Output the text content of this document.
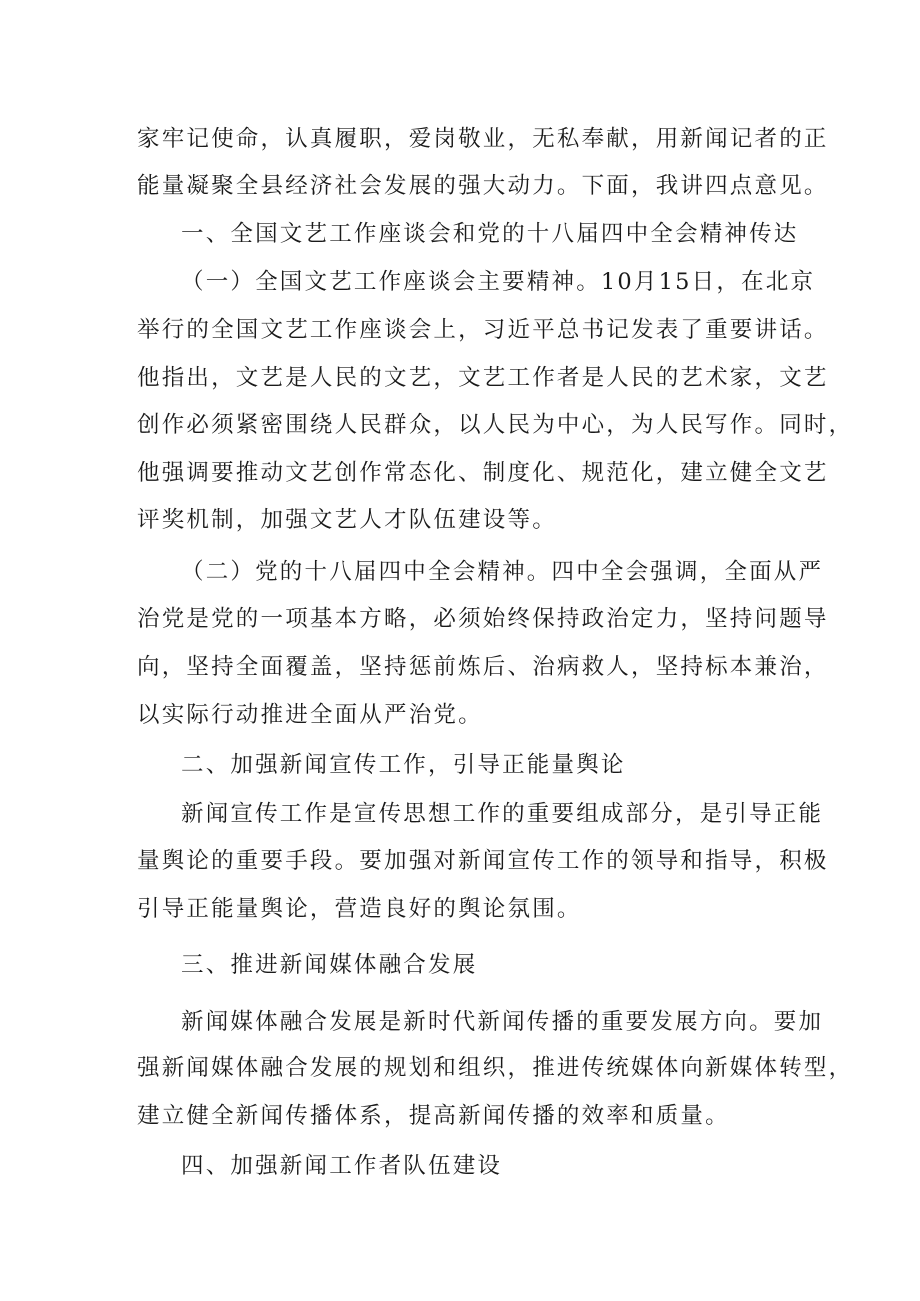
家牢记使命，认真履职，爱岗敬业，无私奉献，用新闻记者的正
能量凝聚全县经济社会发展的强大动力。下面，我讲四点意见。
一、全国文艺工作座谈会和党的十八届四中全会精神传达
（一）全国文艺工作座谈会主要精神。10月15日，在北京
举行的全国文艺工作座谈会上，习近平总书记发表了重要讲话。
他指出，文艺是人民的文艺，文艺工作者是人民的艺术家，文艺
创作必须紧密围绕人民群众，以人民为中心，为人民写作。同时，
他强调要推动文艺创作常态化、制度化、规范化，建立健全文艺
评奖机制，加强文艺人才队伍建设等。
（二）党的十八届四中全会精神。四中全会强调，全面从严
治党是党的一项基本方略，必须始终保持政治定力，坚持问题导
向，坚持全面覆盖，坚持惩前炼后、治病救人，坚持标本兼治，
以实际行动推进全面从严治党。
二、加强新闻宣传工作，引导正能量舆论
新闻宣传工作是宣传思想工作的重要组成部分，是引导正能
量舆论的重要手段。要加强对新闻宣传工作的领导和指导，积极
引导正能量舆论，营造良好的舆论氛围。
三、推进新闻媒体融合发展
新闻媒体融合发展是新时代新闻传播的重要发展方向。要加
强新闻媒体融合发展的规划和组织，推进传统媒体向新媒体转型，
建立健全新闻传播体系，提高新闻传播的效率和质量。
四、加强新闻工作者队伍建设
